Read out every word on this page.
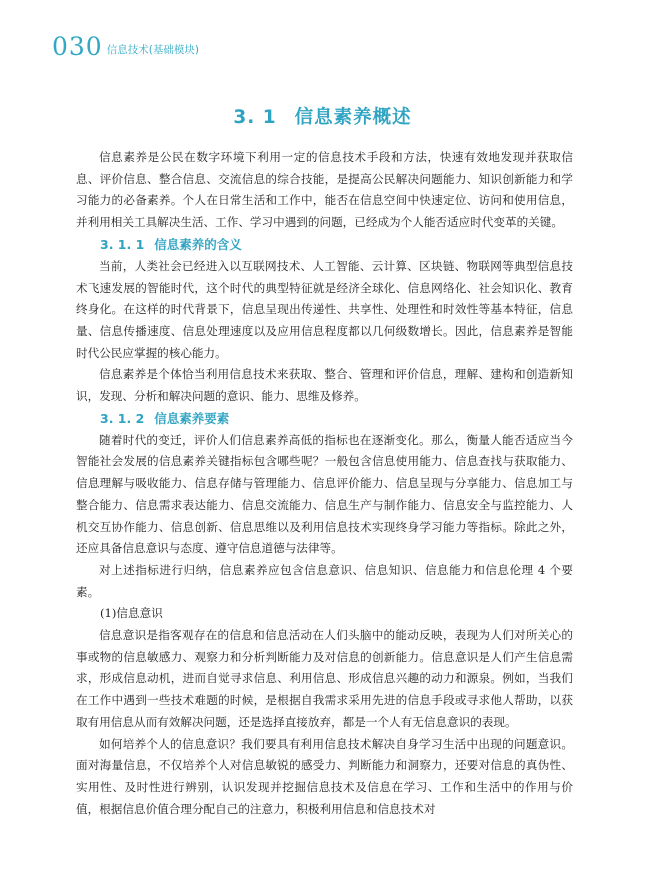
030 信息技术(基础模块)
3. 1 信息素养概述

信息素养是公民在数字环境下利用一定的信息技术手段和方法，快速有效地发现并获取信息、评价信息、整合信息、交流信息的综合技能，是提高公民解决问题能力、知识创新能力和学习能力的必备素养。个人在日常生活和工作中，能否在信息空间中快速定位、访问和使用信息，并利用相关工具解决生活、工作、学习中遇到的问题，已经成为个人能否适应时代变革的关键。

3. 1. 1 信息素养的含义

当前，人类社会已经进入以互联网技术、人工智能、云计算、区块链、物联网等典型信息技术飞速发展的智能时代，这个时代的典型特征就是经济全球化、信息网络化、社会知识化、教育终身化。在这样的时代背景下，信息呈现出传递性、共享性、处理性和时效性等基本特征，信息量、信息传播速度、信息处理速度以及应用信息程度都以几何级数增长。因此，信息素养是智能时代公民应掌握的核心能力。

信息素养是个体恰当利用信息技术来获取、整合、管理和评价信息，理解、建构和创造新知识，发现、分析和解决问题的意识、能力、思维及修养。

3. 1. 2 信息素养要素

随着时代的变迁，评价人们信息素养高低的指标也在逐渐变化。那么，衡量人能否适应当今智能社会发展的信息素养关键指标包含哪些呢？一般包含信息使用能力、信息查找与获取能力、信息理解与吸收能力、信息存储与管理能力、信息评价能力、信息呈现与分享能力、信息加工与整合能力、信息需求表达能力、信息交流能力、信息生产与制作能力、信息安全与监控能力、人机交互协作能力、信息创新、信息思维以及利用信息技术实现终身学习能力等指标。除此之外，还应具备信息意识与态度、遵守信息道德与法律等。

对上述指标进行归纳，信息素养应包含信息意识、信息知识、信息能力和信息伦理 4 个要素。

(1)信息意识

信息意识是指客观存在的信息和信息活动在人们头脑中的能动反映，表现为人们对所关心的事或物的信息敏感力、观察力和分析判断能力及对信息的创新能力。信息意识是人们产生信息需求，形成信息动机，进而自觉寻求信息、利用信息、形成信息兴趣的动力和源泉。例如，当我们在工作中遇到一些技术难题的时候，是根据自我需求采用先进的信息手段或寻求他人帮助，以获取有用信息从而有效解决问题，还是选择直接放弃，都是一个人有无信息意识的表现。

如何培养个人的信息意识？我们要具有利用信息技术解决自身学习生活中出现的问题意识。面对海量信息，不仅培养个人对信息敏锐的感受力、判断能力和洞察力，还要对信息的真伪性、实用性、及时性进行辨别，认识发现并挖掘信息技术及信息在学习、工作和生活中的作用与价值，根据信息价值合理分配自己的注意力，积极利用信息和信息技术对
